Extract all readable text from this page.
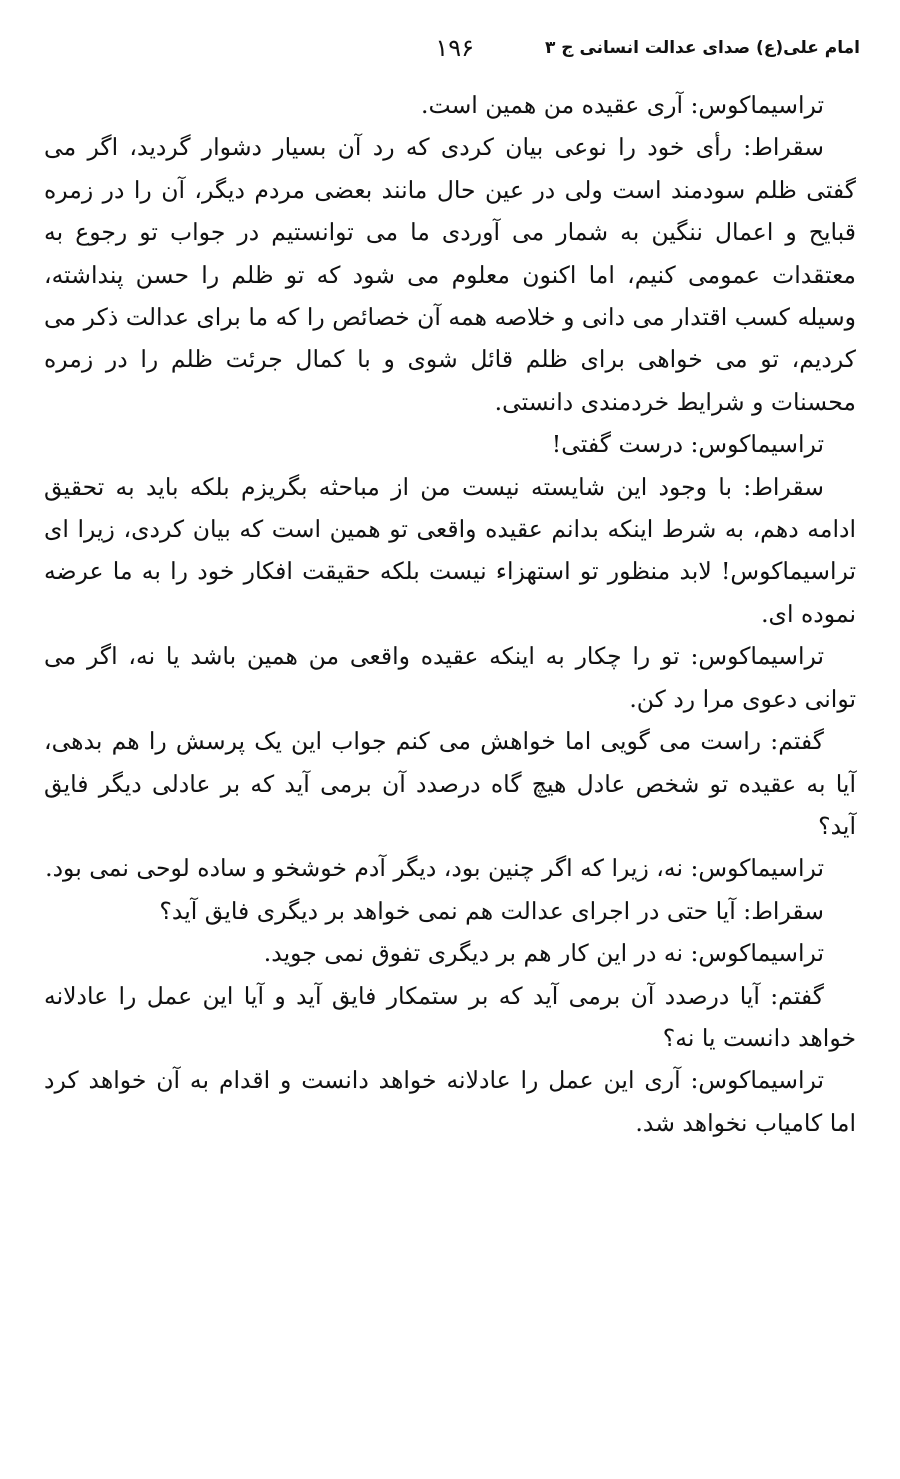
امام علی(ع) صدای عدالت انسانی ج ۳
۱۹۶

تراسیماکوس: آری عقیده من همین است.

سقراط: رأی خود را نوعی بیان کردی که رد آن بسیار دشوار گردید، اگر می گفتی ظلم سودمند است ولی در عین حال مانند بعضی مردم دیگر، آن را در زمره قبایح و اعمال ننگین به شمار می آوردی ما می توانستیم در جواب تو رجوع به معتقدات عمومی کنیم، اما اکنون معلوم می شود که تو ظلم را حسن پنداشته، وسیله کسب اقتدار می دانی و خلاصه همه آن خصائص را که ما برای عدالت ذکر می کردیم، تو می خواهی برای ظلم قائل شوی و با کمال جرئت ظلم را در زمره محسنات و شرایط خردمندی دانستی.

تراسیماکوس: درست گفتی!

سقراط: با وجود این شایسته نیست من از مباحثه بگریزم بلکه باید به تحقیق ادامه دهم، به شرط اینکه بدانم عقیده واقعی تو همین است که بیان کردی، زیرا ای تراسیماکوس! لابد منظور تو استهزاء نیست بلکه حقیقت افکار خود را به ما عرضه نموده ای.

تراسیماکوس: تو را چکار به اینکه عقیده واقعی من همین باشد یا نه، اگر می توانی دعوی مرا رد کن.

گفتم: راست می گویی اما خواهش می کنم جواب این یک پرسش را هم بدهی، آیا به عقیده تو شخص عادل هیچ گاه درصدد آن برمی آید که بر عادلی دیگر فایق آید؟

تراسیماکوس: نه، زیرا که اگر چنین بود، دیگر آدم خوشخو و ساده لوحی نمی بود.

سقراط: آیا حتی در اجرای عدالت هم نمی خواهد بر دیگری فایق آید؟

تراسیماکوس: نه در این کار هم بر دیگری تفوق نمی جوید.

گفتم: آیا درصدد آن برمی آید که بر ستمکار فایق آید و آیا این عمل را عادلانه خواهد دانست یا نه؟

تراسیماکوس: آری این عمل را عادلانه خواهد دانست و اقدام به آن خواهد کرد اما کامیاب نخواهد شد.
